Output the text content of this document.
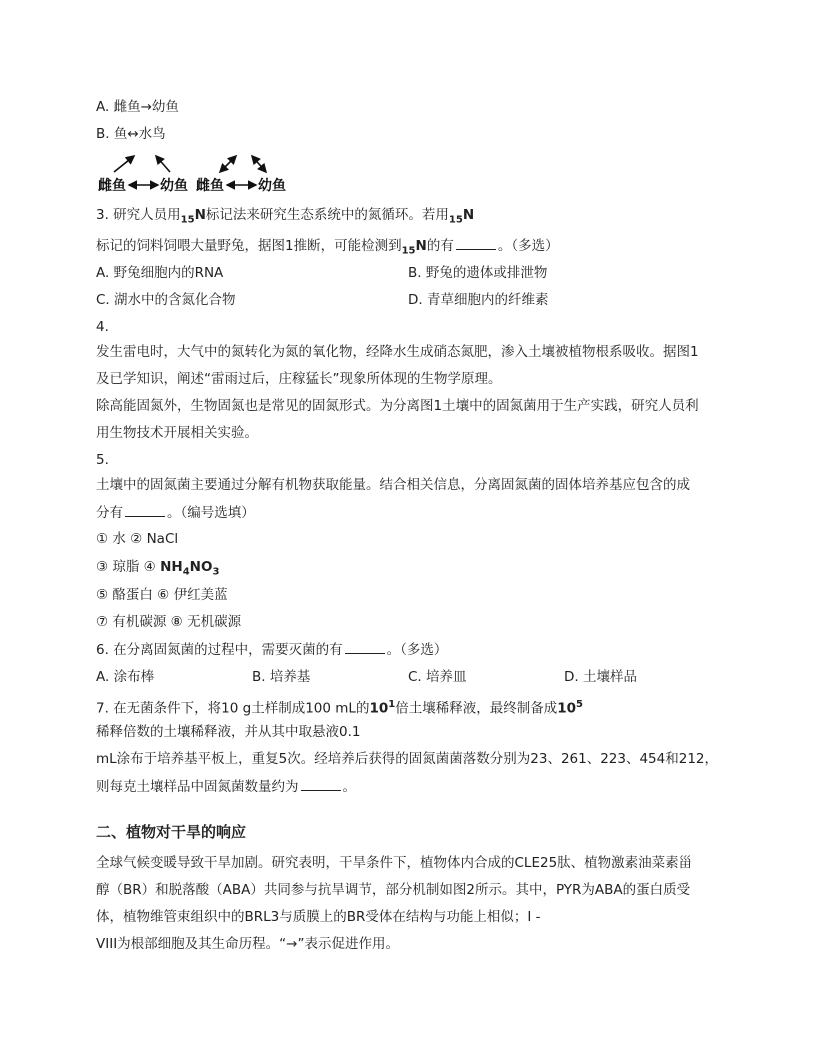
A. 雌鱼→幼鱼
B. 鱼↔水鸟
雌鱼 幼鱼 雌鱼 幼鱼
3. 研究人员用$_{15}$N标记法来研究生态系统中的氮循环。若用$_{15}$N
标记的饲料饲喂大量野兔，据图1推断，可能检测到$_{15}$N的有	。（多选）
A. 野兔细胞内的RNA	B. 野兔的遗体或排泄物
C. 湖水中的含氮化合物	D. 青草细胞内的纤维素
4.
发生雷电时，大气中的氮转化为氮的氧化物，经降水生成硝态氮肥，渗入土壤被植物根系吸收。据图1
及已学知识，阐述“雷雨过后，庄稼猛长”现象所体现的生物学原理。
除高能固氮外，生物固氮也是常见的固氮形式。为分离图1土壤中的固氮菌用于生产实践，研究人员利
用生物技术开展相关实验。
5.
土壤中的固氮菌主要通过分解有机物获取能量。结合相关信息，分离固氮菌的固体培养基应包含的成
分有	。（编号选填）
① 水 ② NaCl
③ 琼脂 ④ $NH_4NO_3$
⑤ 酪蛋白 ⑥ 伊红美蓝
⑦ 有机碳源 ⑧ 无机碳源
6. 在分离固氮菌的过程中，需要灭菌的有	。（多选）
A. 涂布棒	B. 培养基	C. 培养皿	D. 土壤样品
7. 在无菌条件下，将10 g土样制成100 mL的$10^1$倍土壤稀释液，最终制备成$10^5$
稀释倍数的土壤稀释液，并从其中取悬液0.1
mL涂布于培养基平板上，重复5次。经培养后获得的固氮菌菌落数分别为23、261、223、454和212，
则每克土壤样品中固氮菌数量约为	。
二、植物对干旱的响应
全球气候变暖导致干旱加剧。研究表明，干旱条件下，植物体内合成的CLE25肽、植物激素油菜素甾
醇（BR）和脱落酸（ABA）共同参与抗旱调节，部分机制如图2所示。其中，PYR为ABA的蛋白质受
体，植物维管束组织中的BRL3与质膜上的BR受体在结构与功能上相似；I -
VIII为根部细胞及其生命历程。“→”表示促进作用。
